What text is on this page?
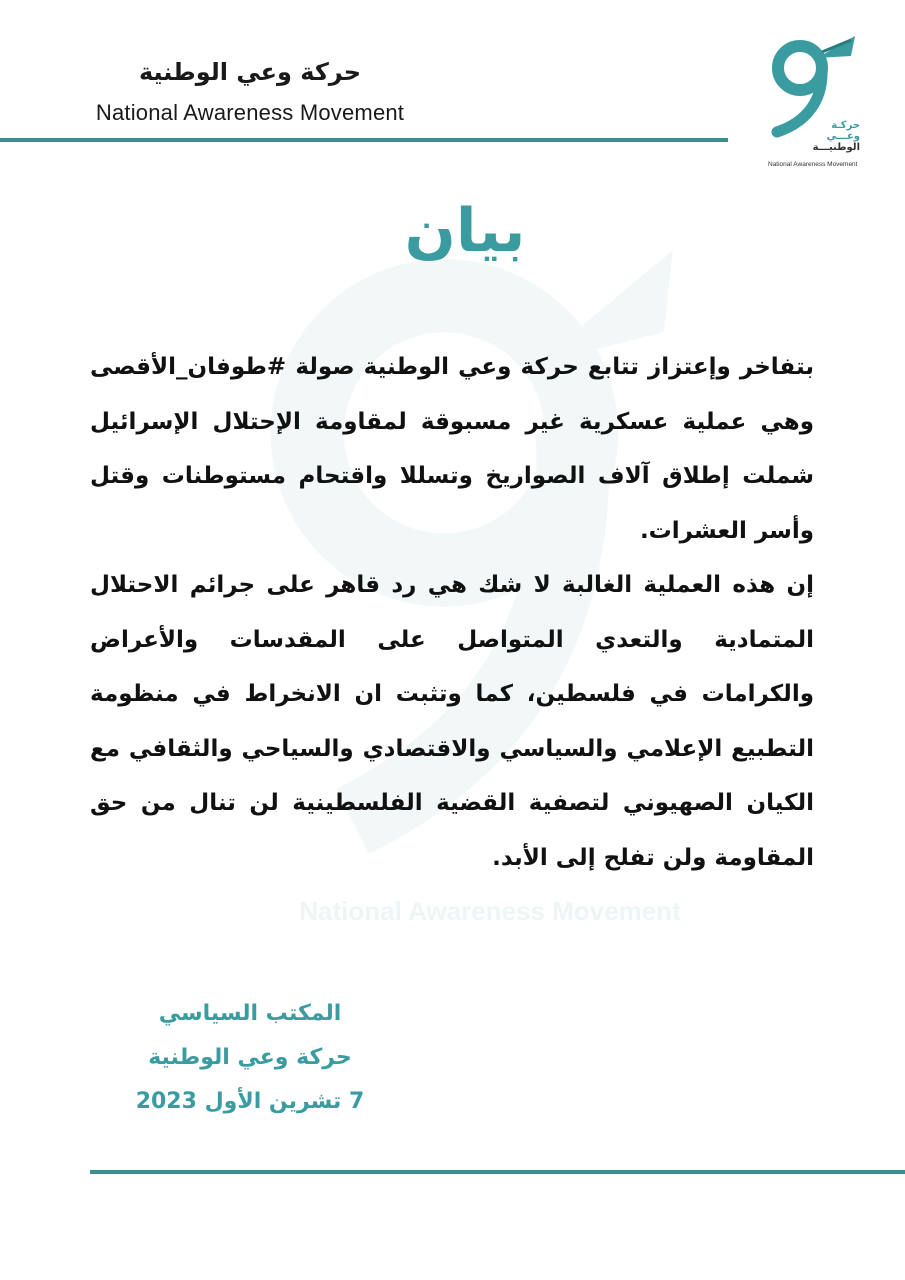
National Awareness Movement
حركة وعي الوطنية
National Awareness Movement
حركـة
وعـــي
الوطنيـــة
National Awareness Movement
بيان

بتفاخر وإعتزاز تتابع حركة وعي الوطنية صولة #طوفان_الأقصى وهي عملية عسكرية غير مسبوقة لمقاومة الإحتلال الإسرائيل شملت إطلاق آلاف الصواريخ وتسللا واقتحام مستوطنات وقتل وأسر العشرات.

إن هذه العملية الغالبة لا شك هي رد قاهر على جرائم الاحتلال المتمادية والتعدي المتواصل على المقدسات والأعراض والكرامات في فلسطين، كما وتثبت ان الانخراط في منظومة التطبيع الإعلامي والسياسي والاقتصادي والسياحي والثقافي مع الكيان الصهيوني لتصفية القضية الفلسطينية لن تنال من حق المقاومة ولن تفلح إلى الأبد.

المكتب السياسي
حركة وعي الوطنية
7 تشرين الأول 2023
